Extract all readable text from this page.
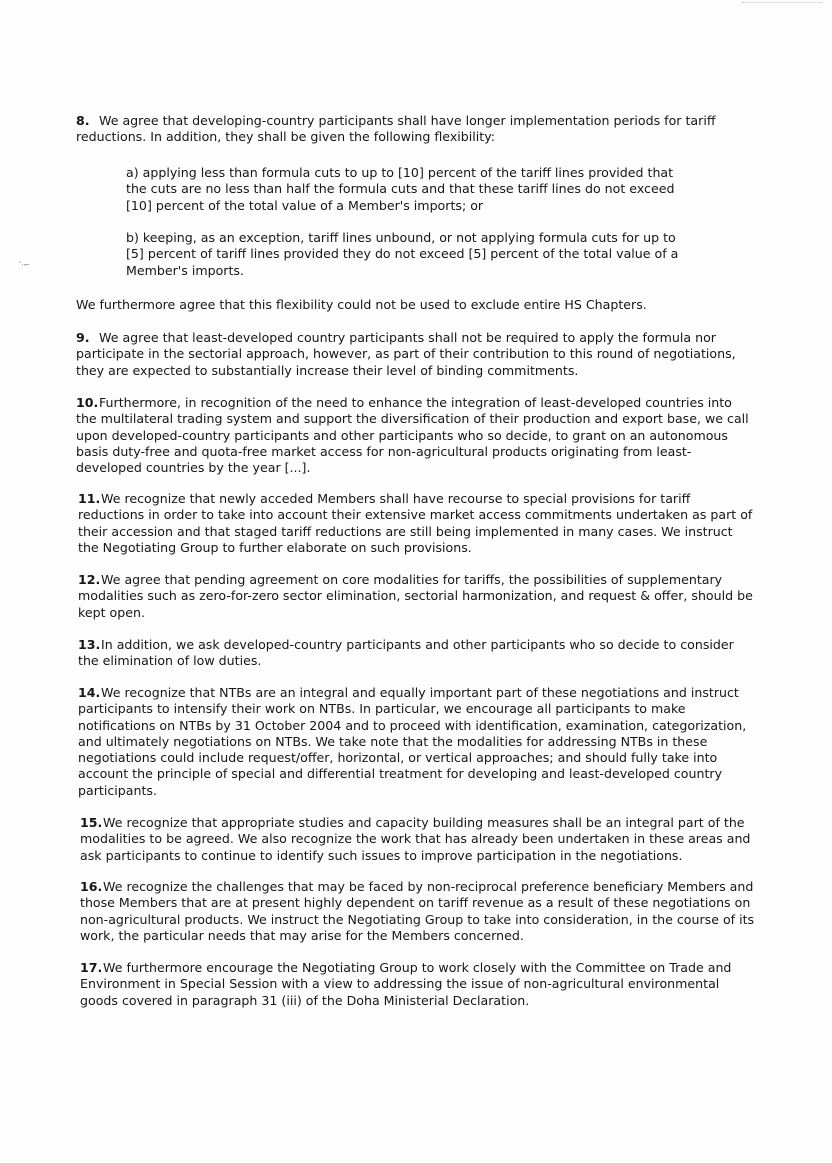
˜·⌐

8. We agree that developing-country participants shall have longer implementation periods for tariff reductions. In addition, they shall be given the following flexibility:

a) applying less than formula cuts to up to [10] percent of the tariff lines provided that the cuts are no less than half the formula cuts and that these tariff lines do not exceed [10] percent of the total value of a Member's imports; or

b) keeping, as an exception, tariff lines unbound, or not applying formula cuts for up to [5] percent of tariff lines provided they do not exceed [5] percent of the total value of a Member's imports.

We furthermore agree that this flexibility could not be used to exclude entire HS Chapters.

9. We agree that least-developed country participants shall not be required to apply the formula nor participate in the sectorial approach, however, as part of their contribution to this round of negotiations, they are expected to substantially increase their level of binding commitments.

10.Furthermore, in recognition of the need to enhance the integration of least-developed countries into the multilateral trading system and support the diversification of their production and export base, we call upon developed-country participants and other participants who so decide, to grant on an autonomous basis duty-free and quota-free market access for non-agricultural products originating from least-developed countries by the year [...].

11.We recognize that newly acceded Members shall have recourse to special provisions for tariff reductions in order to take into account their extensive market access commitments undertaken as part of their accession and that staged tariff reductions are still being implemented in many cases. We instruct the Negotiating Group to further elaborate on such provisions.

12.We agree that pending agreement on core modalities for tariffs, the possibilities of supplementary modalities such as zero-for-zero sector elimination, sectorial harmonization, and request & offer, should be kept open.

13.In addition, we ask developed-country participants and other participants who so decide to consider the elimination of low duties.

14.We recognize that NTBs are an integral and equally important part of these negotiations and instruct participants to intensify their work on NTBs. In particular, we encourage all participants to make notifications on NTBs by 31 October 2004 and to proceed with identification, examination, categorization, and ultimately negotiations on NTBs. We take note that the modalities for addressing NTBs in these negotiations could include request/offer, horizontal, or vertical approaches; and should fully take into account the principle of special and differential treatment for developing and least-developed country participants.

15.We recognize that appropriate studies and capacity building measures shall be an integral part of the modalities to be agreed. We also recognize the work that has already been undertaken in these areas and ask participants to continue to identify such issues to improve participation in the negotiations.

16.We recognize the challenges that may be faced by non-reciprocal preference beneficiary Members and those Members that are at present highly dependent on tariff revenue as a result of these negotiations on non-agricultural products. We instruct the Negotiating Group to take into consideration, in the course of its work, the particular needs that may arise for the Members concerned.

17.We furthermore encourage the Negotiating Group to work closely with the Committee on Trade and Environment in Special Session with a view to addressing the issue of non-agricultural environmental goods covered in paragraph 31 (iii) of the Doha Ministerial Declaration.
